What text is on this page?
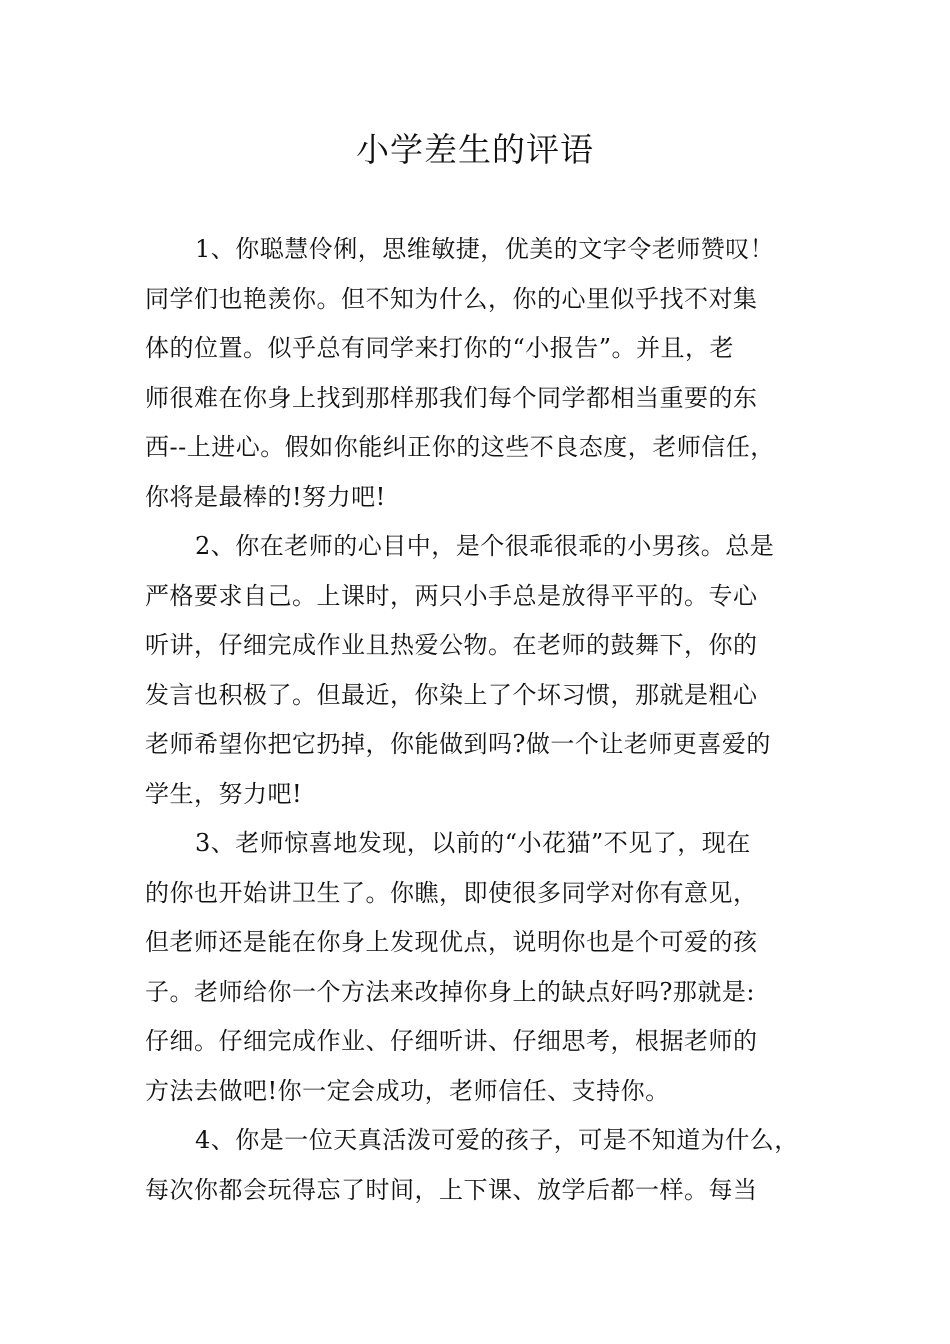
小学差生的评语
1、你聪慧伶俐，思维敏捷，优美的文字令老师赞叹！
同学们也艳羡你。但不知为什么，你的心里似乎找不对集
体的位置。似乎总有同学来打你的“小报告”。并且，老
师很难在你身上找到那样那我们每个同学都相当重要的东
西--上进心。假如你能纠正你的这些不良态度，老师信任，
你将是最棒的!努力吧!
2、你在老师的心目中，是个很乖很乖的小男孩。总是
严格要求自己。上课时，两只小手总是放得平平的。专心
听讲，仔细完成作业且热爱公物。在老师的鼓舞下，你的
发言也积极了。但最近，你染上了个坏习惯，那就是粗心
老师希望你把它扔掉，你能做到吗?做一个让老师更喜爱的
学生，努力吧!
3、老师惊喜地发现，以前的“小花猫”不见了，现在
的你也开始讲卫生了。你瞧，即使很多同学对你有意见，
但老师还是能在你身上发现优点，说明你也是个可爱的孩
子。老师给你一个方法来改掉你身上的缺点好吗?那就是:
仔细。仔细完成作业、仔细听讲、仔细思考，根据老师的
方法去做吧!你一定会成功，老师信任、支持你。
4、你是一位天真活泼可爱的孩子，可是不知道为什么，
每次你都会玩得忘了时间，上下课、放学后都一样。每当
